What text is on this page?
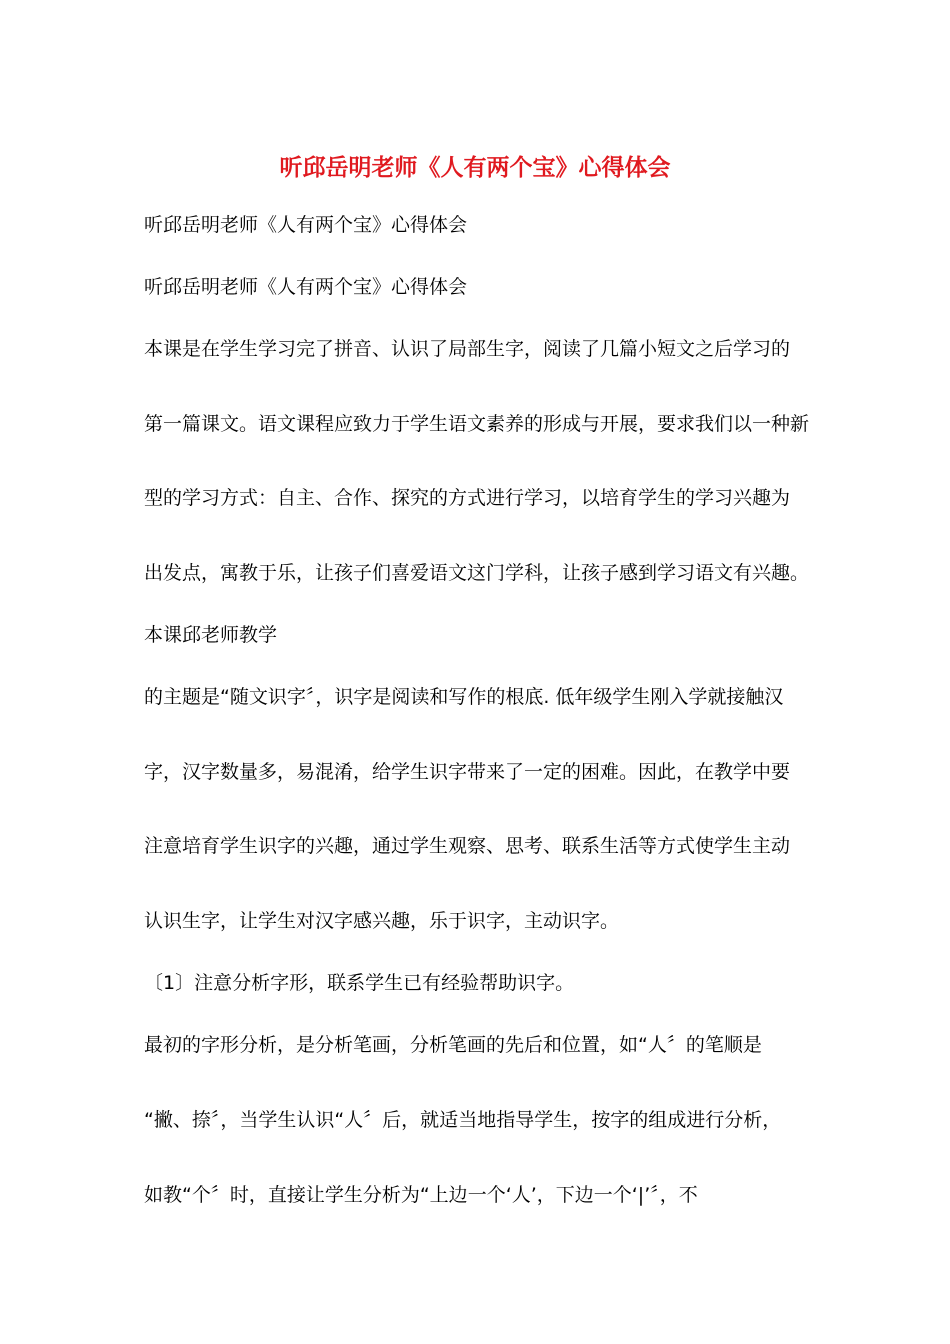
听邱岳明老师《人有两个宝》心得体会
听邱岳明老师《人有两个宝》心得体会
听邱岳明老师《人有两个宝》心得体会
本课是在学生学习完了拼音、认识了局部生字，阅读了几篇小短文之后学习的
第一篇课文。语文课程应致力于学生语文素养的形成与开展，要求我们以一种新
型的学习方式：自主、合作、探究的方式进行学习，以培育学生的学习兴趣为
出发点，寓教于乐，让孩子们喜爱语文这门学科，让孩子感到学习语文有兴趣。
本课邱老师教学
的主题是“随文识字〞，识字是阅读和写作的根底. 低年级学生刚入学就接触汉
字，汉字数量多，易混淆，给学生识字带来了一定的困难。因此，在教学中要
注意培育学生识字的兴趣，通过学生观察、思考、联系生活等方式使学生主动
认识生字，让学生对汉字感兴趣，乐于识字，主动识字。
〔1〕注意分析字形，联系学生已有经验帮助识字。
最初的字形分析，是分析笔画，分析笔画的先后和位置，如“人〞的笔顺是
“撇、捺〞，当学生认识“人〞后，就适当地指导学生，按字的组成进行分析，
如教“个〞时，直接让学生分析为“上边一个‘人’，下边一个‘|’〞，不
